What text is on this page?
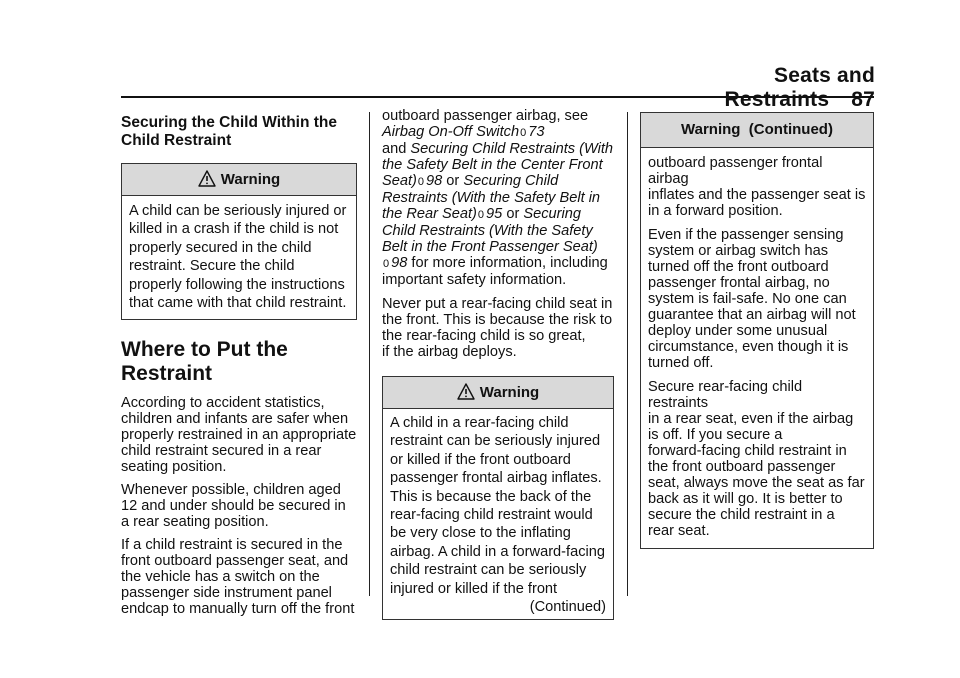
Seats and Restraints 87
Securing the Child Within the
Child Restraint
Warning
A child can be seriously injured or
killed in a crash if the child is not
properly secured in the child
restraint. Secure the child
properly following the instructions
that came with that child restraint.
Where to Put the
Restraint

According to accident statistics,
children and infants are safer when
properly restrained in an appropriate
child restraint secured in a rear
seating position.

Whenever possible, children aged
12 and under should be secured in
a rear seating position.

If a child restraint is secured in the
front outboard passenger seat, and
the vehicle has a switch on the
passenger side instrument panel
endcap to manually turn off the front

outboard passenger airbag, see
Airbag On-Off Switch0 73
and Securing Child Restraints (With
the Safety Belt in the Center Front
Seat)0 98 or Securing Child
Restraints (With the Safety Belt in
the Rear Seat)0 95 or Securing
Child Restraints (With the Safety
Belt in the Front Passenger Seat)
0 98 for more information, including
important safety information.

Never put a rear-facing child seat in
the front. This is because the risk to
the rear-facing child is so great,
if the airbag deploys.

Warning
A child in a rear-facing child
restraint can be seriously injured
or killed if the front outboard
passenger frontal airbag inflates.
This is because the back of the
rear-facing child restraint would
be very close to the inflating
airbag. A child in a forward-facing
child restraint can be seriously
injured or killed if the front
(Continued)
Warning  (Continued)

outboard passenger frontal airbag
inflates and the passenger seat is
in a forward position.

Even if the passenger sensing
system or airbag switch has
turned off the front outboard
passenger frontal airbag, no
system is fail-safe. No one can
guarantee that an airbag will not
deploy under some unusual
circumstance, even though it is
turned off.

Secure rear-facing child restraints
in a rear seat, even if the airbag
is off. If you secure a
forward-facing child restraint in
the front outboard passenger
seat, always move the seat as far
back as it will go. It is better to
secure the child restraint in a
rear seat.
